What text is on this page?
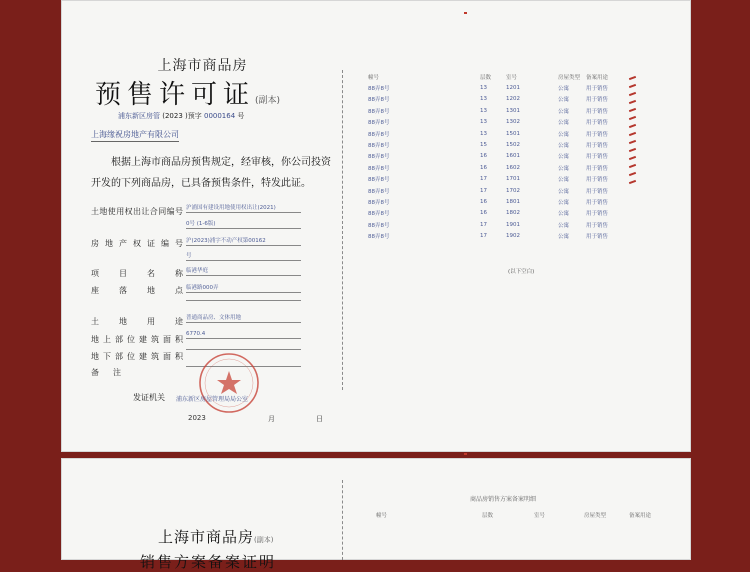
上海市商品房
预售许可证(副本)
浦东新区房管 (2023 )预字 0000164 号
上海缘祝房地产有限公司
根据上海市商品房预售规定，经审核，你公司投资开发的下列商品房，已具备预售条件，特发此证。
土地使用权出让合同编号 沪浦国有建设用地使用权出让(2021)
0号 (1-6版)
房地产权证编号 沪(2023)浦字不动产权第00162
号
项目名称 临港华庭
座落地点 临港路000弄
土地用途 普通商品房、文体用地
地上部位建筑面积
6770.4
地下部位建筑面积
备注
发证机关 浦东新区房屋管理局局公室
2023	月	日
幢号	层数	室号	房屋类型	备案用途
88弄8号	13	1201	公寓	用于销售
88弄8号	13	1202	公寓	用于销售
88弄8号	13	1301	公寓	用于销售
88弄8号	13	1302	公寓	用于销售
88弄8号	13	1501	公寓	用于销售
88弄8号	15	1502	公寓	用于销售
88弄8号	16	1601	公寓	用于销售
88弄8号	16	1602	公寓	用于销售
88弄8号	17	1701	公寓	用于销售
88弄8号	17	1702	公寓	用于销售
88弄8号	16	1801	公寓	用于销售
88弄8号	16	1802	公寓	用于销售
88弄8号	17	1901	公寓	用于销售
88弄8号	17	1902	公寓	用于销售
(以下空白)
商品房销售方案备案明细
幢号	层数	室号	房屋类型	备案用途
上海市商品房(副本)
销售方案备案证明
